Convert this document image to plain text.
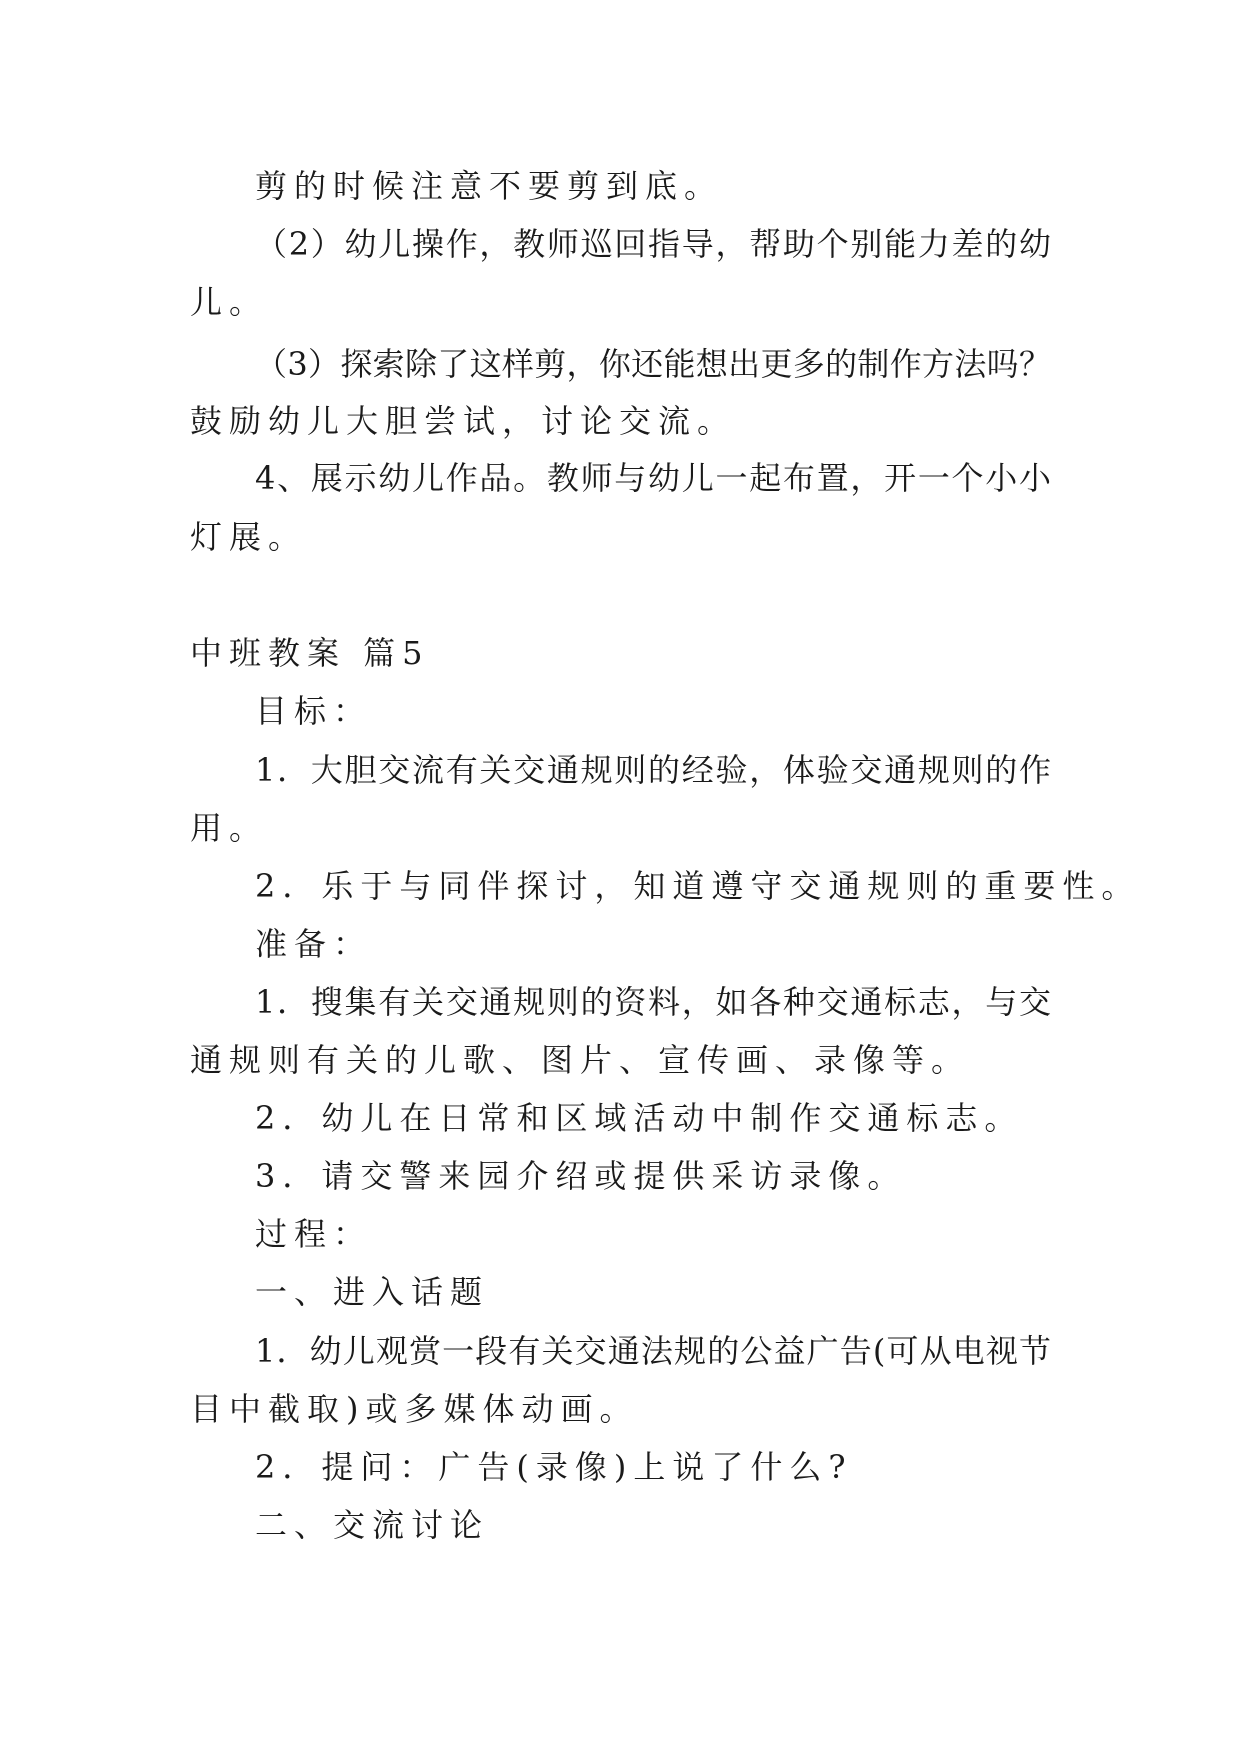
剪的时候注意不要剪到底。
（2）幼儿操作，教师巡回指导，帮助个别能力差的幼
儿。
（3）探索除了这样剪，你还能想出更多的制作方法吗？
鼓励幼儿大胆尝试，讨论交流。
4、展示幼儿作品。教师与幼儿一起布置，开一个小小
灯展。
中班教案 篇5
目标：
1．大胆交流有关交通规则的经验，体验交通规则的作
用。
2．乐于与同伴探讨，知道遵守交通规则的重要性。
准备：
1．搜集有关交通规则的资料，如各种交通标志，与交
通规则有关的儿歌、图片、宣传画、录像等。
2．幼儿在日常和区域活动中制作交通标志。
3．请交警来园介绍或提供采访录像。
过程：
一、进入话题
1．幼儿观赏一段有关交通法规的公益广告(可从电视节
目中截取)或多媒体动画。
2．提问：广告(录像)上说了什么?
二、交流讨论
